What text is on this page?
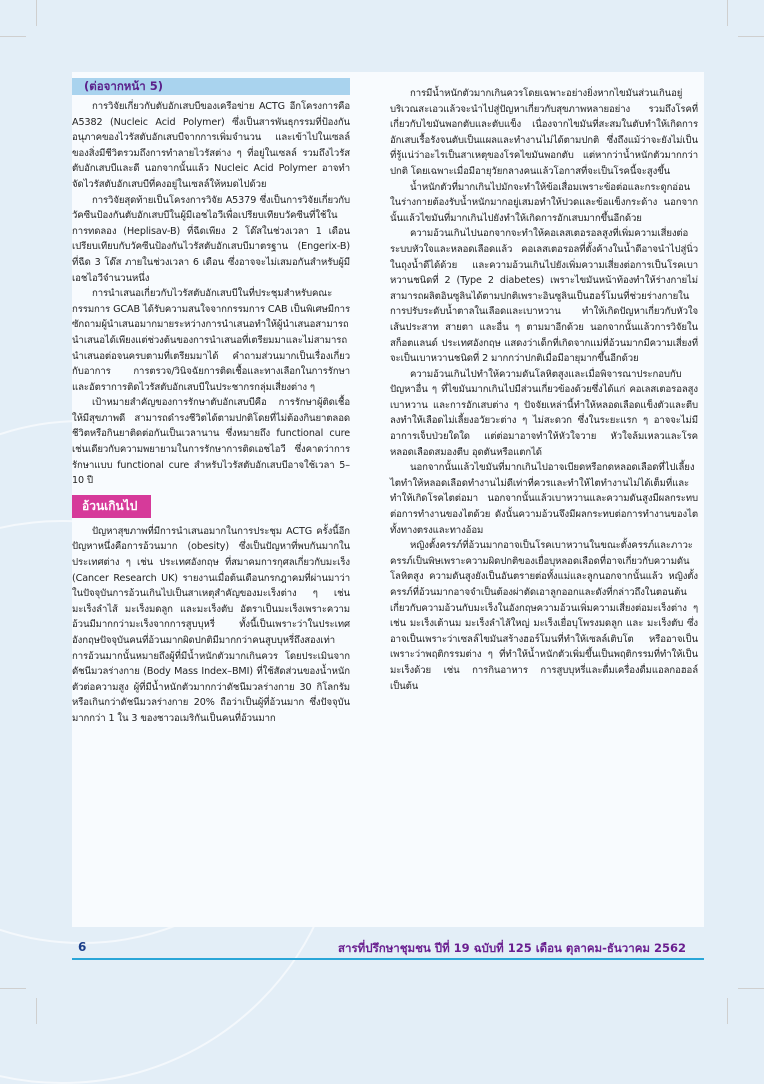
(ต่อจากหน้า 5)

การวิจัยเกี่ยวกับตับอักเสบบีของเครือข่าย ACTG อีกโครงการคือ A5382 (Nucleic Acid Polymer) ซึ่งเป็นสารพันธุกรรมที่ป้องกันอนุภาคของไวรัสตับอักเสบบีจากการเพิ่มจำนวน และเข้าไปในเซลล์ของสิ่งมีชีวิตรวมถึงการทำลายไวรัสต่าง ๆ ที่อยู่ในเซลล์ รวมถึงไวรัสตับอักเสบบีและดี นอกจากนั้นแล้ว Nucleic Acid Polymer อาจทำจัดไวรัสตับอักเสบบีที่คงอยู่ในเซลล์ให้หมดไปด้วย

การวิจัยสุดท้ายเป็นโครงการวิจัย A5379 ซึ่งเป็นการวิจัยเกี่ยวกับวัคซีนป้องกันตับอักเสบบีในผู้มีเอชไอวีเพื่อเปรียบเทียบวัคซีนที่ใช้ในการทดลอง (Heplisav-B) ที่ฉีดเพียง 2 โด๊สในช่วงเวลา 1 เดือนเปรียบเทียบกับวัคซีนป้องกันไวรัสตับอักเสบบีมาตรฐาน (Engerix-B) ที่ฉีด 3 โด๊ส ภายในช่วงเวลา 6 เดือน ซึ่งอาจจะไม่เสมอกันสำหรับผู้มีเอชไอวีจำนวนหนึ่ง

การนำเสนอเกี่ยวกับไวรัสตับอักเสบบีในที่ประชุมสำหรับคณะกรรมการ GCAB ได้รับความสนใจจากกรรมการ CAB เป็นพิเศษมีการซักถามผู้นำเสนอมากมายระหว่างการนำเสนอทำให้ผู้นำเสนอสามารถนำเสนอได้เพียงแต่ช่วงต้นของการนำเสนอที่เตรียมมาและไม่สามารถนำเสนอต่อจนครบตามที่เตรียมมาได้ คำถามส่วนมากเป็นเรื่องเกี่ยวกับอาการ การตรวจ/วินิจฉัยการติดเชื้อและทางเลือกในการรักษา และอัตราการติดไวรัสตับอักเสบบีในประชากรกลุ่มเสี่ยงต่าง ๆ

เป้าหมายสำคัญของการรักษาตับอักเสบบีคือ การรักษาผู้ติดเชื้อให้มีสุขภาพดี สามารถดำรงชีวิตได้ตามปกติโดยที่ไม่ต้องกินยาตลอดชีวิตหรือกินยาติดต่อกันเป็นเวลานาน ซึ่งหมายถึง functional cure เช่นเดียวกับความพยายามในการรักษาการติดเอชไอวี ซึ่งคาดว่าการรักษาแบบ functional cure สำหรับไวรัสตับอักเสบบีอาจใช้เวลา 5–10 ปี

อ้วนเกินไป

ปัญหาสุขภาพที่มีการนำเสนอมากในการประชุม ACTG ครั้งนี้อีกปัญหาหนึ่งคือการอ้วนมาก (obesity) ซึ่งเป็นปัญหาที่พบกันมากในประเทศต่าง ๆ เช่น ประเทศอังกฤษ ที่สมาคมการกุศลเกี่ยวกับมะเร็ง (Cancer Research UK) รายงานเมื่อต้นเดือนกรกฎาคมที่ผ่านมาว่า ในปัจจุบันการอ้วนเกินไปเป็นสาเหตุสำคัญของมะเร็งต่าง ๆ เช่น มะเร็งลำไส้ มะเร็งมดลูก และมะเร็งตับ อัตราเป็นมะเร็งเพราะความอ้วนมีมากกว่ามะเร็งจากการสูบบุหรี่ ทั้งนี้เป็นเพราะว่าในประเทศอังกฤษปัจจุบันคนที่อ้วนมากผิดปกติมีมากกว่าคนสูบบุหรี่ถึงสองเท่า การอ้วนมากนั้นหมายถึงผู้ที่มีน้ำหนักตัวมากเกินควร โดยประเมินจากดัชนีมวลร่างกาย (Body Mass Index–BMI) ที่ใช้สัดส่วนของน้ำหนักตัวต่อความสูง ผู้ที่มีน้ำหนักตัวมากกว่าดัชนีมวลร่างกาย 30 กิโลกรัม หรือเกินกว่าดัชนีมวลร่างกาย 20% ถือว่าเป็นผู้ที่อ้วนมาก ซึ่งปัจจุบันมากกว่า 1 ใน 3 ของชาวอเมริกันเป็นคนที่อ้วนมาก

การมีน้ำหนักตัวมากเกินควรโดยเฉพาะอย่างยิ่งหากไขมันส่วนเกินอยู่บริเวณสะเอวแล้วจะนำไปสู่ปัญหาเกี่ยวกับสุขภาพหลายอย่าง รวมถึงโรคที่เกี่ยวกับไขมันพอกตับและตับแข็ง เนื่องจากไขมันที่สะสมในตับทำให้เกิดการอักเสบเรื้อรังจนตับเป็นแผลและทำงานไม่ได้ตามปกติ ซึ่งถึงแม้ว่าจะยังไม่เป็นที่รู้แน่ว่าอะไรเป็นสาเหตุของโรคไขมันพอกตับ แต่หากว่าน้ำหนักตัวมากกว่าปกติ โดยเฉพาะเมื่อมีอายุวัยกลางคนแล้วโอกาสที่จะเป็นโรคนี้จะสูงขึ้น

น้ำหนักตัวที่มากเกินไปมักจะทำให้ข้อเสื่อมเพราะข้อต่อและกระดูกอ่อนในร่างกายต้องรับน้ำหนักมากอยู่เสมอทำให้ปวดและข้อแข็งกระด้าง นอกจากนั้นแล้วไขมันที่มากเกินไปยังทำให้เกิดการอักเสบมากขึ้นอีกด้วย

ความอ้วนเกินไปนอกจากจะทำให้คอเลสเตอรอลสูงที่เพิ่มความเสี่ยงต่อระบบหัวใจและหลอดเลือดแล้ว คอเลสเตอรอลที่ตั้งค้างในน้ำดีอาจนำไปสู่นิ่วในถุงน้ำดีได้ด้วย และความอ้วนเกินไปยังเพิ่มความเสี่ยงต่อการเป็นโรคเบาหวานชนิดที่ 2 (Type 2 diabetes) เพราะไขมันหน้าท้องทำให้ร่างกายไม่สามารถผลิตอินซูลินได้ตามปกติเพราะอินซูลินเป็นฮอร์โมนที่ช่วยร่างกายในการปรับระดับน้ำตาลในเลือดและเบาหวาน ทำให้เกิดปัญหาเกี่ยวกับหัวใจ เส้นประสาท สายตา และอื่น ๆ ตามมาอีกด้วย นอกจากนั้นแล้วการวิจัยในสก็อตแลนด์ ประเทศอังกฤษ แสดงว่าเด็กที่เกิดจากแม่ที่อ้วนมากมีความเสี่ยงที่จะเป็นเบาหวานชนิดที่ 2 มากกว่าปกติเมื่อมีอายุมากขึ้นอีกด้วย

ความอ้วนเกินไปทำให้ความดันโลหิตสูงและเมื่อพิจารณาประกอบกับปัญหาอื่น ๆ ที่ไขมันมากเกินไปมีส่วนเกี่ยวข้องด้วยซึ่งได้แก่ คอเลสเตอรอลสูง เบาหวาน และการอักเสบต่าง ๆ ปัจจัยเหล่านี้ทำให้หลอดเลือดแข็งตัวและตีบลงทำให้เลือดไม่เลี้ยงอวัยวะต่าง ๆ ไม่สะดวก ซึ่งในระยะแรก ๆ อาจจะไม่มีอาการเจ็บป่วยใดใด แต่ต่อมาอาจทำให้หัวใจวาย หัวใจล้มเหลวและโรคหลอดเลือดสมองตีบ อุดตันหรือแตกได้

นอกจากนั้นแล้วไขมันที่มากเกินไปอาจเบียดหรือกดหลอดเลือดที่ไปเลี้ยงไตทำให้หลอดเลือดทำงานไม่ดีเท่าที่ควรและทำให้ไตทำงานไม่ได้เต็มที่และทำให้เกิดโรคไตต่อมา นอกจากนั้นแล้วเบาหวานและความดันสูงมีผลกระทบต่อการทำงานของไตด้วย ดังนั้นความอ้วนจึงมีผลกระทบต่อการทำงานของไตทั้งทางตรงและทางอ้อม

หญิงตั้งครรภ์ที่อ้วนมากอาจเป็นโรคเบาหวานในขณะตั้งครรภ์และภาวะครรภ์เป็นพิษเพราะความผิดปกติของเยื่อบุหลอดเลือดที่อาจเกี่ยวกับความดันโลหิตสูง ความดันสูงยังเป็นอันตรายต่อทั้งแม่และลูกนอกจากนั้นแล้ว หญิงตั้งครรภ์ที่อ้วนมากอาจจำเป็นต้องผ่าตัดเอาลูกออกและดังที่กล่าวถึงในตอนต้นเกี่ยวกับความอ้วนกับมะเร็งในอังกฤษความอ้วนเพิ่มความเสี่ยงต่อมะเร็งต่าง ๆ เช่น มะเร็งเต้านม มะเร็งลำไส้ใหญ่ มะเร็งเยื่อบุโพรงมดลูก และ มะเร็งตับ ซึ่งอาจเป็นเพราะว่าเซลล์ไขมันสร้างฮอร์โมนที่ทำให้เซลล์เติบโต หรืออาจเป็นเพราะว่าพฤติกรรมต่าง ๆ ที่ทำให้น้ำหนักตัวเพิ่มขึ้นเป็นพฤติกรรมที่ทำให้เป็นมะเร็งด้วย เช่น การกินอาหาร การสูบบุหรี่และดื่มเครื่องดื่มแอลกอฮอล์ เป็นต้น

6	สารที่ปรึกษาชุมชน ปีที่ 19 ฉบับที่ 125 เดือน ตุลาคม-ธันวาคม 2562
